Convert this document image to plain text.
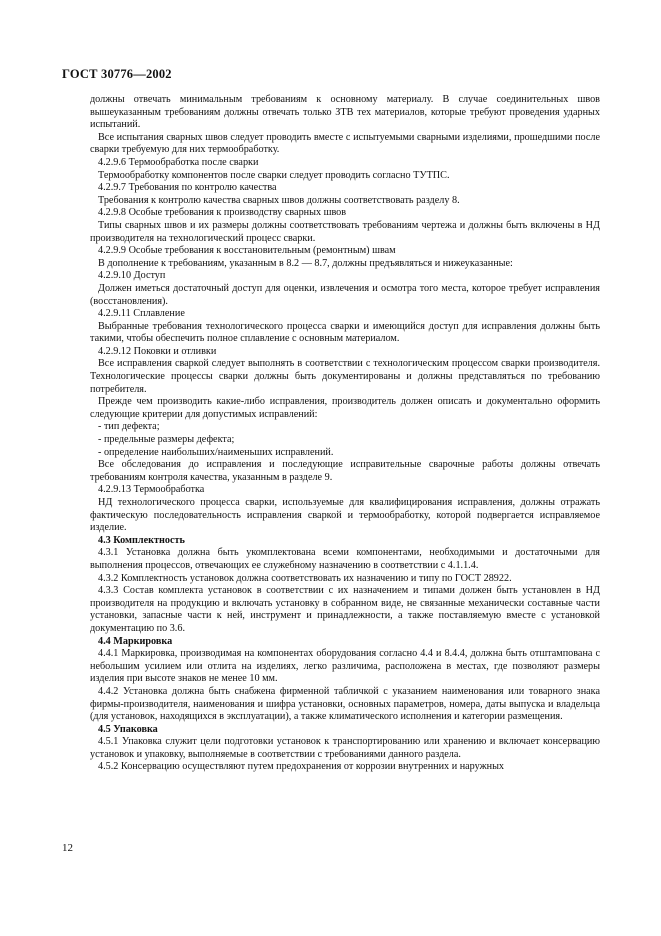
ГОСТ 30776—2002

должны отвечать минимальным требованиям к основному материалу. В случае соединительных швов вышеуказанным требованиям должны отвечать только ЗТВ тех материалов, которые требуют проведения ударных испытаний.

Все испытания сварных швов следует проводить вместе с испытуемыми сварными изделиями, прошедшими после сварки требуемую для них термообработку.

4.2.9.6 Термообработка после сварки

Термообработку компонентов после сварки следует проводить согласно ТУТПС.

4.2.9.7 Требования по контролю качества

Требования к контролю качества сварных швов должны соответствовать разделу 8.

4.2.9.8 Особые требования к производству сварных швов

Типы сварных швов и их размеры должны соответствовать требованиям чертежа и должны быть включены в НД производителя на технологический процесс сварки.

4.2.9.9 Особые требования к восстановительным (ремонтным) швам

В дополнение к требованиям, указанным в 8.2 — 8.7, должны предъявляться и нижеуказанные:

4.2.9.10 Доступ

Должен иметься достаточный доступ для оценки, извлечения и осмотра того места, которое требует исправления (восстановления).

4.2.9.11 Сплавление

Выбранные требования технологического процесса сварки и имеющийся доступ для исправления должны быть такими, чтобы обеспечить полное сплавление с основным материалом.

4.2.9.12 Поковки и отливки

Все исправления сваркой следует выполнять в соответствии с технологическим процессом сварки производителя. Технологические процессы сварки должны быть документированы и должны представляться по требованию потребителя.

Прежде чем производить какие-либо исправления, производитель должен описать и документально оформить следующие критерии для допустимых исправлений:

- тип дефекта;

- предельные размеры дефекта;

- определение наибольших/наименьших исправлений.

Все обследования до исправления и последующие исправительные сварочные работы должны отвечать требованиям контроля качества, указанным в разделе 9.

4.2.9.13 Термообработка

НД технологического процесса сварки, используемые для квалифицирования исправления, должны отражать фактическую последовательность исправления сваркой и термообработку, которой подвергается исправляемое изделие.

4.3 Комплектность

4.3.1 Установка должна быть укомплектована всеми компонентами, необходимыми и достаточными для выполнения процессов, отвечающих ее служебному назначению в соответствии с 4.1.1.4.

4.3.2 Комплектность установок должна соответствовать их назначению и типу по ГОСТ 28922.

4.3.3 Состав комплекта установок в соответствии с их назначением и типами должен быть установлен в НД производителя на продукцию и включать установку в собранном виде, не связанные механически составные части установки, запасные части к ней, инструмент и принадлежности, а также поставляемую вместе с установкой документацию по 3.6.

4.4 Маркировка

4.4.1 Маркировка, производимая на компонентах оборудования согласно 4.4 и 8.4.4, должна быть отштампована с небольшим усилием или отлита на изделиях, легко различима, расположена в местах, где позволяют размеры изделия при высоте знаков не менее 10 мм.

4.4.2 Установка должна быть снабжена фирменной табличкой с указанием наименования или товарного знака фирмы-производителя, наименования и шифра установки, основных параметров, номера, даты выпуска и владельца (для установок, находящихся в эксплуатации), а также климатического исполнения и категории размещения.

4.5 Упаковка

4.5.1 Упаковка служит цели подготовки установок к транспортированию или хранению и включает консервацию установок и упаковку, выполняемые в соответствии с требованиями данного раздела.

4.5.2 Консервацию осуществляют путем предохранения от коррозии внутренних и наружных

12
